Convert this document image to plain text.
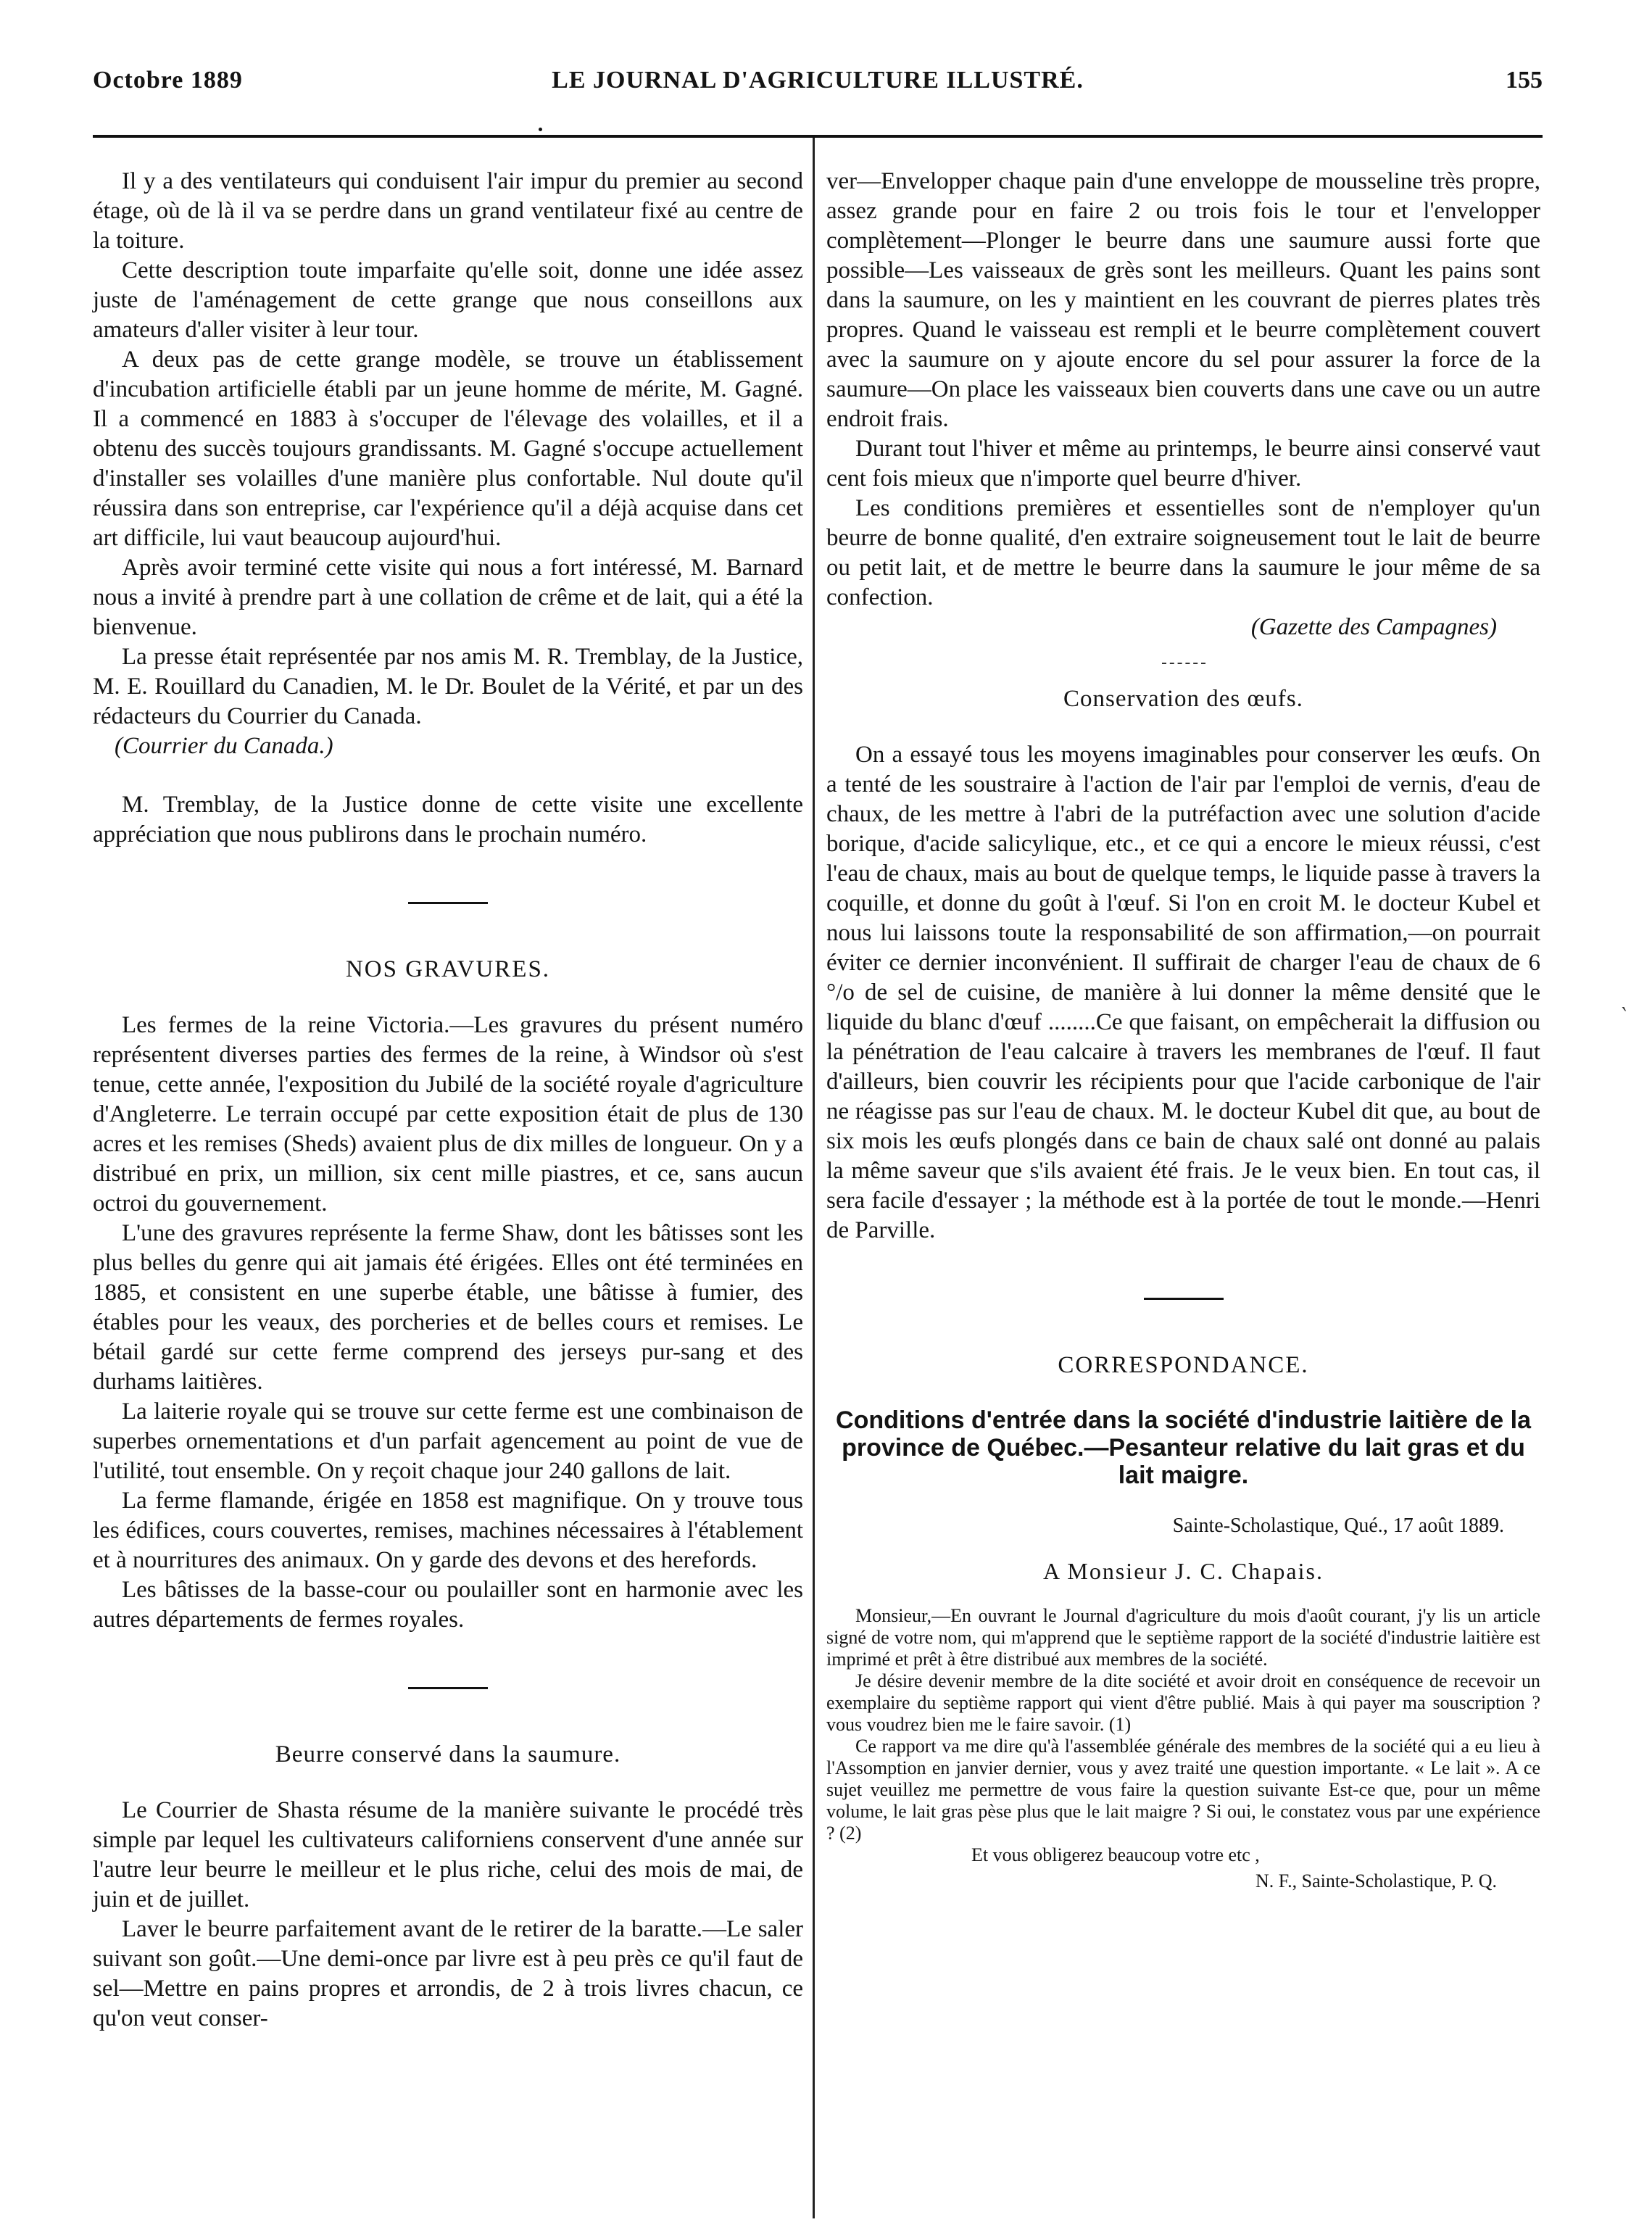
Octobre 1889	LE JOURNAL D'AGRICULTURE ILLUSTRÉ.	155

Il y a des ventilateurs qui conduisent l'air impur du premier au second étage, où de là il va se perdre dans un grand ventilateur fixé au centre de la toiture.

Cette description toute imparfaite qu'elle soit, donne une idée assez juste de l'aménagement de cette grange que nous conseillons aux amateurs d'aller visiter à leur tour.

A deux pas de cette grange modèle, se trouve un établissement d'incubation artificielle établi par un jeune homme de mérite, M. Gagné. Il a commencé en 1883 à s'occuper de l'élevage des volailles, et il a obtenu des succès toujours grandissants. M. Gagné s'occupe actuellement d'installer ses volailles d'une manière plus confortable. Nul doute qu'il réussira dans son entreprise, car l'expérience qu'il a déjà acquise dans cet art difficile, lui vaut beaucoup aujourd'hui.

Après avoir terminé cette visite qui nous a fort intéressé, M. Barnard nous a invité à prendre part à une collation de crême et de lait, qui a été la bienvenue.

La presse était représentée par nos amis M. R. Tremblay, de la Justice, M. E. Rouillard du Canadien, M. le Dr. Boulet de la Vérité, et par un des rédacteurs du Courrier du Canada.

(Courrier du Canada.)

M. Tremblay, de la Justice donne de cette visite une excellente appréciation que nous publirons dans le prochain numéro.

NOS GRAVURES.

Les fermes de la reine Victoria.—Les gravures du présent numéro représentent diverses parties des fermes de la reine, à Windsor où s'est tenue, cette année, l'exposition du Jubilé de la société royale d'agriculture d'Angleterre. Le terrain occupé par cette exposition était de plus de 130 acres et les remises (Sheds) avaient plus de dix milles de longueur. On y a distribué en prix, un million, six cent mille piastres, et ce, sans aucun octroi du gouvernement.

L'une des gravures représente la ferme Shaw, dont les bâtisses sont les plus belles du genre qui ait jamais été érigées. Elles ont été terminées en 1885, et consistent en une superbe étable, une bâtisse à fumier, des étables pour les veaux, des porcheries et de belles cours et remises. Le bétail gardé sur cette ferme comprend des jerseys pur-sang et des durhams laitières.

La laiterie royale qui se trouve sur cette ferme est une combinaison de superbes ornementations et d'un parfait agencement au point de vue de l'utilité, tout ensemble. On y reçoit chaque jour 240 gallons de lait.

La ferme flamande, érigée en 1858 est magnifique. On y trouve tous les édifices, cours couvertes, remises, machines nécessaires à l'établement et à nourritures des animaux. On y garde des devons et des herefords.

Les bâtisses de la basse-cour ou poulailler sont en harmonie avec les autres départements de fermes royales.

Beurre conservé dans la saumure.

Le Courrier de Shasta résume de la manière suivante le procédé très simple par lequel les cultivateurs californiens conservent d'une année sur l'autre leur beurre le meilleur et le plus riche, celui des mois de mai, de juin et de juillet.

Laver le beurre parfaitement avant de le retirer de la baratte.—Le saler suivant son goût.—Une demi-once par livre est à peu près ce qu'il faut de sel—Mettre en pains propres et arrondis, de 2 à trois livres chacun, ce qu'on veut conser-

ver—Envelopper chaque pain d'une enveloppe de mousseline très propre, assez grande pour en faire 2 ou trois fois le tour et l'envelopper complètement—Plonger le beurre dans une saumure aussi forte que possible—Les vaisseaux de grès sont les meilleurs. Quant les pains sont dans la saumure, on les y maintient en les couvrant de pierres plates très propres. Quand le vaisseau est rempli et le beurre complètement couvert avec la saumure on y ajoute encore du sel pour assurer la force de la saumure—On place les vaisseaux bien couverts dans une cave ou un autre endroit frais.

Durant tout l'hiver et même au printemps, le beurre ainsi conservé vaut cent fois mieux que n'importe quel beurre d'hiver.

Les conditions premières et essentielles sont de n'employer qu'un beurre de bonne qualité, d'en extraire soigneusement tout le lait de beurre ou petit lait, et de mettre le beurre dans la saumure le jour même de sa confection.

(Gazette des Campagnes)

Conservation des œufs.

On a essayé tous les moyens imaginables pour conserver les œufs. On a tenté de les soustraire à l'action de l'air par l'emploi de vernis, d'eau de chaux, de les mettre à l'abri de la putréfaction avec une solution d'acide borique, d'acide salicylique, etc., et ce qui a encore le mieux réussi, c'est l'eau de chaux, mais au bout de quelque temps, le liquide passe à travers la coquille, et donne du goût à l'œuf. Si l'on en croit M. le docteur Kubel et nous lui laissons toute la responsabilité de son affirmation,—on pourrait éviter ce dernier inconvénient. Il suffirait de charger l'eau de chaux de 6 °/o de sel de cuisine, de manière à lui donner la même densité que le liquide du blanc d'œuf ........Ce que faisant, on empêcherait la diffusion ou la pénétration de l'eau calcaire à travers les membranes de l'œuf. Il faut d'ailleurs, bien couvrir les récipients pour que l'acide carbonique de l'air ne réagisse pas sur l'eau de chaux. M. le docteur Kubel dit que, au bout de six mois les œufs plongés dans ce bain de chaux salé ont donné au palais la même saveur que s'ils avaient été frais. Je le veux bien. En tout cas, il sera facile d'essayer ; la méthode est à la portée de tout le monde.—Henri de Parville.

CORRESPONDANCE.
Conditions d'entrée dans la société d'industrie laitière de la province de Québec.—Pesanteur relative du lait gras et du lait maigre.
Sainte-Scholastique, Qué., 17 août 1889.
A Monsieur J. C. Chapais.

Monsieur,—En ouvrant le Journal d'agriculture du mois d'août courant, j'y lis un article signé de votre nom, qui m'apprend que le septième rapport de la société d'industrie laitière est imprimé et prêt à être distribué aux membres de la société.

Je désire devenir membre de la dite société et avoir droit en conséquence de recevoir un exemplaire du septième rapport qui vient d'être publié. Mais à qui payer ma souscription ? vous voudrez bien me le faire savoir. (1)

Ce rapport va me dire qu'à l'assemblée générale des membres de la société qui a eu lieu à l'Assomption en janvier dernier, vous y avez traité une question importante. « Le lait ». A ce sujet veuillez me permettre de vous faire la question suivante Est-ce que, pour un même volume, le lait gras pèse plus que le lait maigre ? Si oui, le constatez vous par une expérience ? (2)

Et vous obligerez beaucoup votre etc ,

N. F., Sainte-Scholastique, P. Q.

‵
